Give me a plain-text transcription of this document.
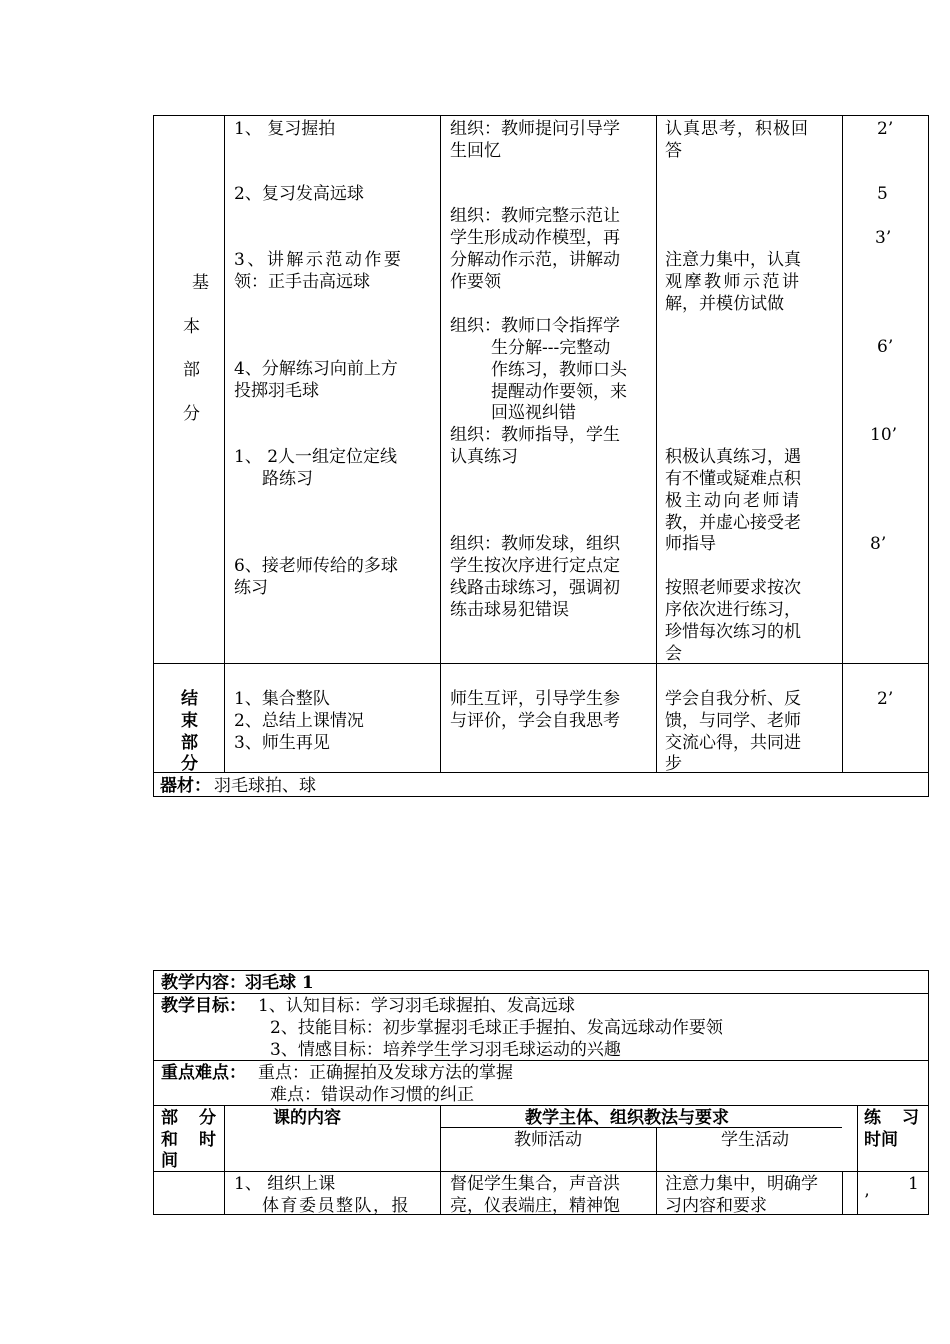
基
本
部
分
1、 复习握拍
2、复习发高远球
3、讲解示范动作要
领：正手击高远球
4、分解练习向前上方
投掷羽毛球
1、 2人一组定位定线
路练习
6、接老师传给的多球
练习
组织：教师提问引导学
生回忆
组织：教师完整示范让
学生形成动作模型，再
分解动作示范，讲解动
作要领
组织：教师口令指挥学
生分解---完整动
作练习，教师口头
提醒动作要领，来
回巡视纠错
组织：教师指导，学生
认真练习
组织：教师发球，组织
学生按次序进行定点定
线路击球练习，强调初
练击球易犯错误
认真思考，积极回
答
注意力集中，认真
观摩教师示范讲
解，并模仿试做
积极认真练习，遇
有不懂或疑难点积
极主动向老师请
教，并虚心接受老
师指导
按照老师要求按次
序依次进行练习，
珍惜每次练习的机
会
2’
5
3’
6’
10’
8’
结
束
部
分
1、集合整队
2、总结上课情况
3、师生再见
师生互评，引导学生参
与评价，学会自我思考
学会自我分析、反
馈，与同学、老师
交流心得，共同进
步
2’
器材： 羽毛球拍、球
教学内容： 羽毛球 1
教学目标： 1、认知目标：学习羽毛球握拍、发高远球
2、技能目标：初步掌握羽毛球正手握拍、发高远球动作要领
3、情感目标：培养学生学习羽毛球运动的兴趣
重点难点： 重点：正确握拍及发球方法的掌握
难点：错误动作习惯的纠正
部　分
和　时
间
课的内容	教学主体、组织教法与要求
教师活动	学生活动
练　习
时间
1、 组织上课
体育委员整队，报
督促学生集合，声音洪
亮，仪表端庄，精神饱
注意力集中，明确学
习内容和要求
1
’
